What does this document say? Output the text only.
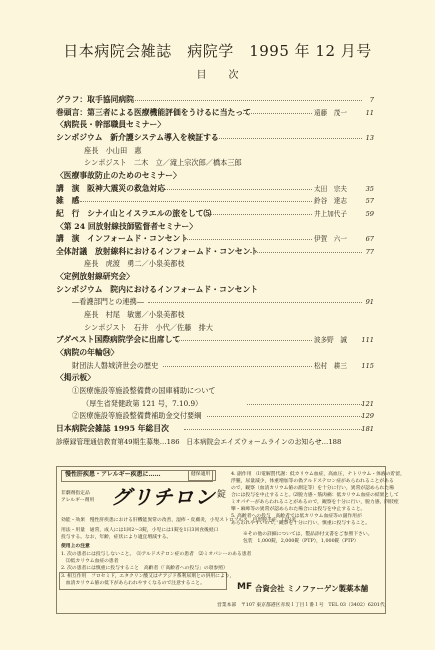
日本病院会雑誌　病院学　1995 年 12 月号
目次
グラフ：取手協同病院	7
巻頭言：第三者による医療機能評価をうけるに当たって	遠藤　茂一	11
〈病院長・幹部職員セミナー〉
シンポジウム　新介護システム導入を検証する	13
座長　小山田　惠
シンポジスト　二木　立／滝上宗次郎／橋本三郎
〈医療事故防止のためのセミナー〉
講　演　阪神大震災の救急対応	太田　宗夫	35
雑　感	鈴谷　達志	57
紀　行　シナイ山とイスラエルの旅をして⑸	井上加代子	59
〈第 24 回放射線技師監督者セミナー〉
講　演　インフォームド・コンセント	伊賀　六一	67
全体討議　放射線科におけるインフォームド・コンセント	77
座長　虎渡　勇二／小泉美都枝
〈定例放射線研究会〉
シンポジウム　院内におけるインフォームド・コンセント
―看護部門との連携―	91
座長　村尾　敏憲／小泉美都枝
シンポジスト　石井　小代／佐藤　排大
ブダペスト国際病院学会に出席して	波多野　誠 111
〈病院の年輪㉞〉
財団法人磐城済世会の歴史	松村　耕三 115
〈掲示板〉
①医療施設等施設整備費の国庫補助について
（厚生省発健政第 121 号，7.10.9）	121
②医療施設等施設整備費補助金交付要綱	129
日本病院会雑誌 1995 年総目次	181
診療録管理通信教育第49期生募集…186　日本病院会エイズウォームラインのお知らせ…188
慢性肝疾患・アレルギー疾患に……	健保適用
非劇剤指定品
アレルギー剤用 グリチロン 錠
効能・効果　慢性肝疾患における肝機能異常の改善，湿疹・皮膚炎，小児ストロフルス，円形脱毛症，口内炎
用法・用量　通常，成人には1回2～3錠，小児には1錠を1日3回食後経口投与する。なお，年齢，症状により適宜増減する。
使用上の注意
1. 次の患者には投与しないこと。　⑴アルドステロン症の患者　⑵ミオパシーのある患者
　⑶低カリウム血症の患者
2. 次の患者には慎重に投与すること　高齢者（「高齢者への投与」の項参照）
3. 相互作用　フロセミド，エタクリン酸又はチアジド系利尿剤との併用により，
　血清カリウム値の低下があらわれやすくなるので注意すること。
4. 副作用　⑴電解質代謝：低カリウム血症，高血圧，ナトリウム・体液の貯留，
浮腫，尿量減少，体重増加等の偽アルドステロン症があらわれることがある
ので，観察（血清カリウム値の測定等）を十分に行い，異常が認められた場
合には投与を中止すること。⑵脱力感・筋肉痛：低カリウム血症の結果として
ミオパチーがあらわれることがあるので，観察を十分に行い，脱力感，四肢痙
攣・麻痺等の異常が認められた場合には投与を中止すること。
5. 高齢者への投与　高齢者では低カリウム血症等の副作用が
あらわれやすいので，観察を十分に行い，慎重に投与すること。
※その他の詳細については，製品添付文書をご参照下さい。
包装　1,000錠，2,000錠（PTP），1,000錠（PTP）
MF 合資会社 ミノファーゲン製薬本舗
営業本部　〒107 東京都港区赤坂１丁目１番１号　TEL 03（3402）6201代
